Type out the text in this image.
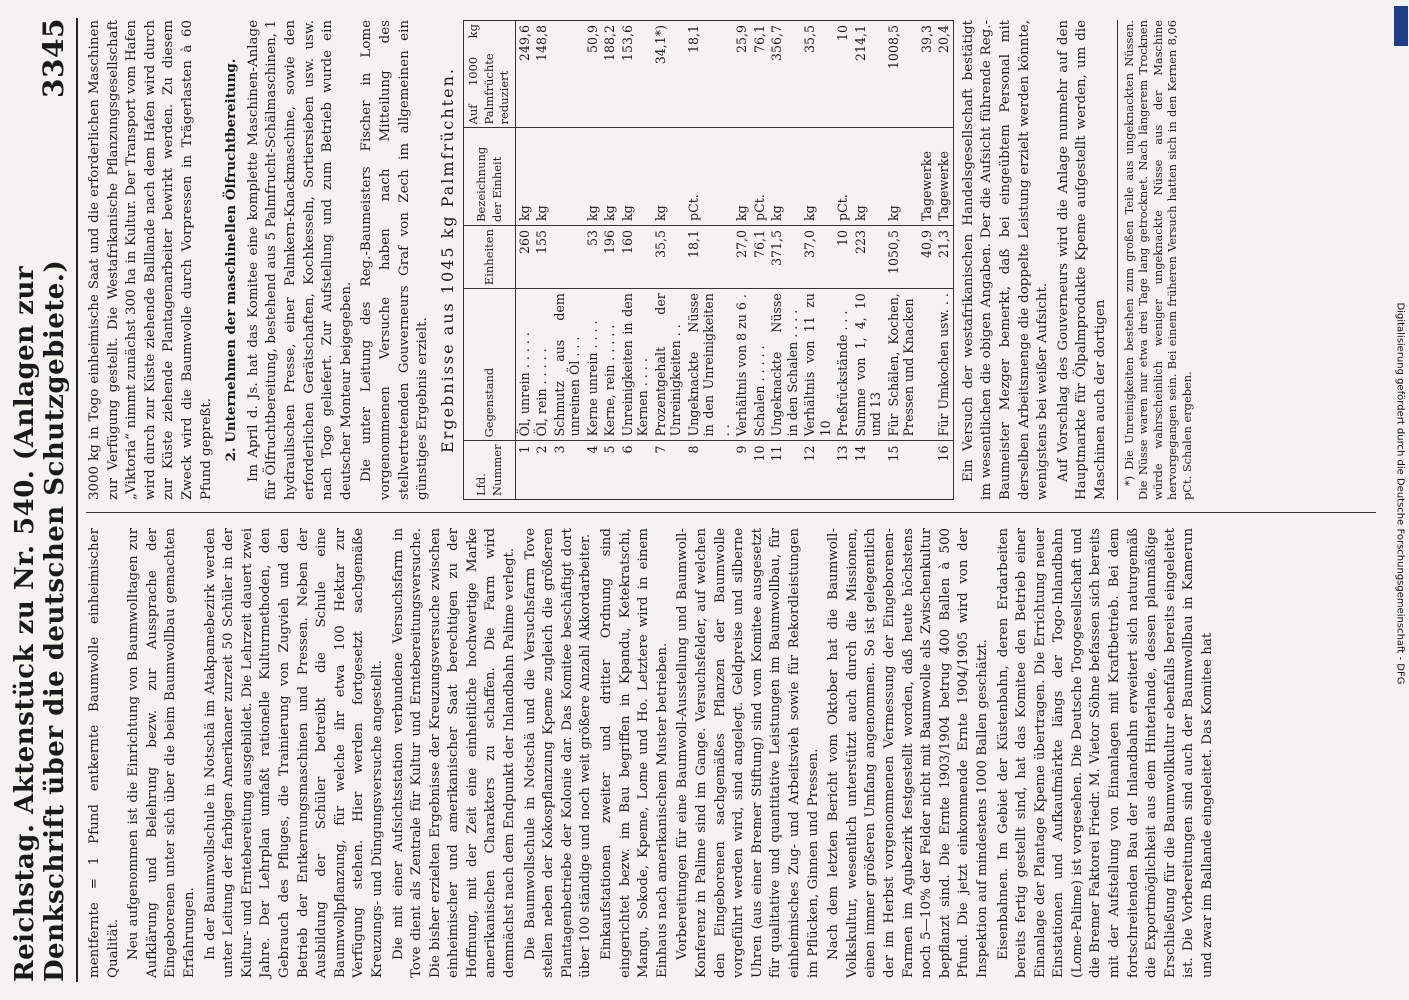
Reichstag. Aktenstück zu Nr. 540. (Anlagen zur Denkschrift über die deutschen Schutzgebiete.)
3345

mentfernte = 1 Pfund entkernte Baumwolle einheimischer Qualität. Neu aufgenommen ist die Einrichtung von Baumwolltagen zur Aufklärung und Belehrung bezw. zur Aussprache der Eingeborenen unter sich über die beim Baumwollbau gemachten Erfahrungen. In der Baumwollschule in Notschä im Atakpamebezirk werden unter Leitung der farbigen Amerikaner zurzeit 50 Schüler in der Kultur- und Erntebereitung ausgebildet. Die Lehrzeit dauert zwei Jahre. Der Lehrplan umfaßt rationelle Kulturmethoden, den Gebrauch des Pfluges, die Trainierung von Zugvieh und den Betrieb der Entkernungsmaschinen und Pressen. Neben der Ausbildung der Schüler betreibt die Schule eine Baumwollpflanzung, für welche ihr etwa 100 Hektar zur Verfügung stehen. Hier werden fortgesetzt sachgemäße Kreuzungs- und Düngungsversuche angestellt. Die mit einer Aufsichtsstation verbundene Versuchsfarm in Tove dient als Zentrale für Kultur und Erntebereitungsversuche. Die bisher erzielten Ergebnisse der Kreuzungsversuche zwischen einheimischer und amerikanischer Saat berechtigen zu der Hoffnung, mit der Zeit eine einheitliche hochwertige Marke amerikanischen Charakters zu schaffen. Die Farm wird demnächst nach dem Endpunkt der Inlandbahn Palime verlegt. Die Baumwollschule in Notschä und die Versuchsfarm Tove stellen neben der Kokospflanzung Kpeme zugleich die größeren Plantagenbetriebe der Kolonie dar. Das Komitee beschäftigt dort über 100 ständige und noch weit größere Anzahl Akkordarbeiter. Einkaufstationen zweiter und dritter Ordnung sind eingerichtet bezw. im Bau begriffen in Kpandu, Ketekratschi, Mangu, Sokode, Kpeme, Lome und Ho. Letztere wird in einem Einhaus nach amerikanischem Muster betrieben. Vorbereitungen für eine Baumwoll-Ausstellung und Baumwoll-Konferenz in Palime sind im Gange. Versuchsfelder, auf welchen den Eingeborenen sachgemäßes Pflanzen der Baumwolle vorgeführt werden wird, sind angelegt. Geldpreise und silberne Uhren (aus einer Bremer Stiftung) sind vom Komitee ausgesetzt für qualitative und quantitative Leistungen im Baumwollbau, für einheimisches Zug- und Arbeitsvieh sowie für Rekordleistungen im Pflücken, Ginnen und Pressen. Nach dem letzten Bericht vom Oktober hat die Baumwoll-Volkskultur, wesentlich unterstützt auch durch die Missionen, einen immer größeren Umfang angenommen. So ist gelegentlich der im Herbst vorgenommenen Vermessung der Eingeborenen-Farmen im Agubezirk festgestellt worden, daß heute höchstens noch 5—10% der Felder nicht mit Baumwolle als Zwischenkultur bepflanzt sind. Die Ernte 1903/1904 betrug 400 Ballen à 500 Pfund. Die jetzt einkommende Ernte 1904/1905 wird von der Inspektion auf mindestens 1000 Ballen geschätzt. Eisenbahnen. Im Gebiet der Küstenbahn, deren Erdarbeiten bereits fertig gestellt sind, hat das Komitee den Betrieb einer Einanlage der Plantage Kpeme übertragen. Die Errichtung neuer Einstationen und Aufkaufmärkte längs der Togo-Inlandbahn (Lome-Palime) ist vorgesehen. Die Deutsche Togogesellschaft und die Bremer Faktorei Friedr. M. Vietor Söhne befassen sich bereits mit der Aufstellung von Einanlagen mit Kraftbetrieb. Bei dem fortschreitenden Bau der Inlandbahn erweitert sich naturgemäß die Exportmöglichkeit aus dem Hinterlande, dessen planmäßige Erschließung für die Baumwollkultur ebenfalls bereits eingeleitet ist. Die Vorbereitungen sind auch der Baumwollbau in Kamerun und zwar im Ballande eingeleitet. Das Komitee hat

3000 kg in Togo einheimische Saat und die erforderlichen Maschinen zur Verfügung gestellt. Die Westafrikanische Pflanzungsgesellschaft „Viktoria“ nimmt zunächst 300 ha in Kultur. Der Transport vom Hafen wird durch zur Küste ziehende Balllande nach dem Hafen wird durch zur Küste ziehende Plantagenarbeiter bewirkt werden. Zu diesem Zweck wird die Baumwolle durch Vorpressen in Trägerlasten à 60 Pfund gepreßt. 2. Unternehmen der maschinellen Ölfruchtbereitung. Im April d. Js. hat das Komitee eine komplette Maschinen-Anlage für Ölfruchtbereitung, bestehend aus 5 Palmfrucht-Schälmaschinen, 1 hydraulischen Presse, einer Palmkern-Knackmaschine, sowie den erforderlichen Gerätschaften, Kochkesseln, Sortiersieben usw. usw. nach Togo geliefert. Zur Aufstellung und zum Betrieb wurde ein deutscher Monteur beigegeben. Die unter Leitung des Reg.-Baumeisters Fischer in Lome vorgenommenen Versuche haben nach Mitteilung des stellvertretenden Gouverneurs Graf von Zech im allgemeinen ein günstiges Ergebnis erzielt. Ergebnisse aus 1045 kg Palmfrüchten.
Lfd. Nummer	Gegenstand	Einheiten	Bezeichnung der Einheit	Auf 1000 kg Palmfrüchte reduziert
1	Öl, unrein . . . . .	260	kg	249,6
2	Öl, rein . . . . .	155	kg	148,8
3	Schmutz aus dem unreinen Öl . . .			
4	Kerne unrein . . . .	53	kg	50,9
5	Kerne, rein . . . . .	196	kg	188,2
6	Unreinigkeiten in den Kernen . . . .	160	kg	153,6
7	Prozentgehalt der Unreinigkeiten . .	35,5	kg	34,1*)
8	Ungeknackte Nüsse in den Unreinigkeiten . .	18,1	pCt.	18,1
9	Verhältnis von 8 zu 6 .	27,0	kg	25,9
10	Schalen . . . . .	76,1	pCt.	76,1
11	Ungeknackte Nüsse in den Schalen . . . .	371,5	kg	356,7
12	Verhältnis von 11 zu 10	37,0	kg	35,5
13	Preßrückstände . . .	10	pCt.	10
14	Summe von 1, 4, 10 und 13	223	kg	214,1
15	Für Schälen, Kochen, Pressen und Knacken	1050,5	kg	1008,5
		40,9	Tagewerke	39,3
16	Für Umkochen usw. . .	21,3	Tagewerke	20,4 Ein Versuch der westafrikanischen Handelsgesellschaft bestätigt im wesentlichen die obigen Angaben. Der die Aufsicht führende Reg.-Baumeister Mezger bemerkt, daß bei eingeübtem Personal mit derselben Arbeitsmenge die doppelte Leistung erzielt werden könnte, wenigstens bei weißer Aufsicht. Auf Vorschlag des Gouverneurs wird die Anlage nunmehr auf den Hauptmarkte für Ölpalmprodukte Kpeme aufgestellt werden, um die Maschinen auch der dortigen *) Die Unreinigkeiten bestehen zum großen Teile aus ungeknackten Nüssen. Die Nüsse waren nur etwa drei Tage lang getrocknet. Nach längerem Trocknen würde wahrscheinlich weniger ungeknackte Nüsse aus der Maschine hervorgegangen sein. Bei einem früheren Versuch hatten sich in den Kernen 8,06 pCt. Schalen ergeben.	Digitalisierung gefördert durch die Deutsche Forschungsgemeinschaft - DFG
